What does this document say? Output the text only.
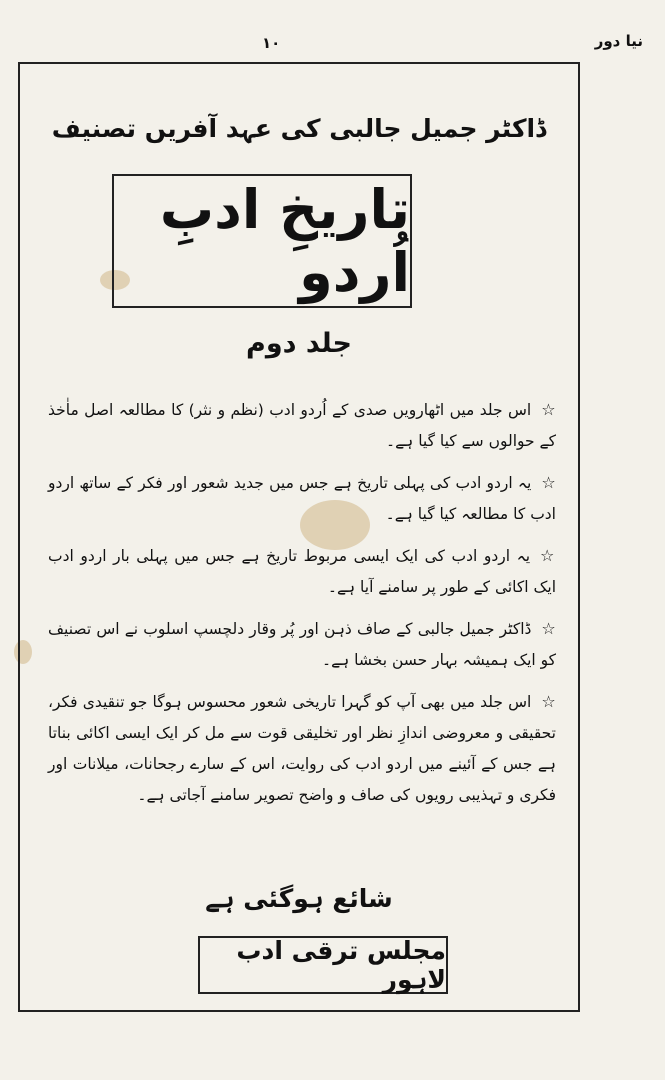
نیا دور
۱۰
ڈاکٹر جمیل جالبی کی عہد آفریں تصنیف
تاریخِ ادبِ اُردو
جلد دوم
☆اس جلد میں اٹھارویں صدی کے اُردو ادب (نظم و نثر) کا مطالعہ اصل ماٰخذ کے حوالوں سے کیا گیا ہے۔
☆یہ اردو ادب کی پہلی تاریخ ہے جس میں جدید شعور اور فکر کے ساتھ اردو ادب کا مطالعہ کیا گیا ہے۔
☆یہ اردو ادب کی ایک ایسی مربوط تاریخ ہے جس میں پہلی بار اردو ادب ایک اکائی کے طور پر سامنے آیا ہے۔
☆ڈاکٹر جمیل جالبی کے صاف ذہن اور پُر وقار دلچسپ اسلوب نے اس تصنیف کو ایک ہمیشہ بہار حسن بخشا ہے۔
☆اس جلد میں بھی آپ کو گہرا تاریخی شعور محسوس ہوگا جو تنقیدی فکر، تحقیقی و معروضی اندازِ نظر اور تخلیقی قوت سے مل کر ایک ایسی اکائی بناتا ہے جس کے آئینے میں اردو ادب کی روایت، اس کے سارے رجحانات، میلانات اور فکری و تہذیبی رویوں کی صاف و واضح تصویر سامنے آجاتی ہے۔
شائع ہوگئی ہے
مجلس ترقی ادب لاہور
